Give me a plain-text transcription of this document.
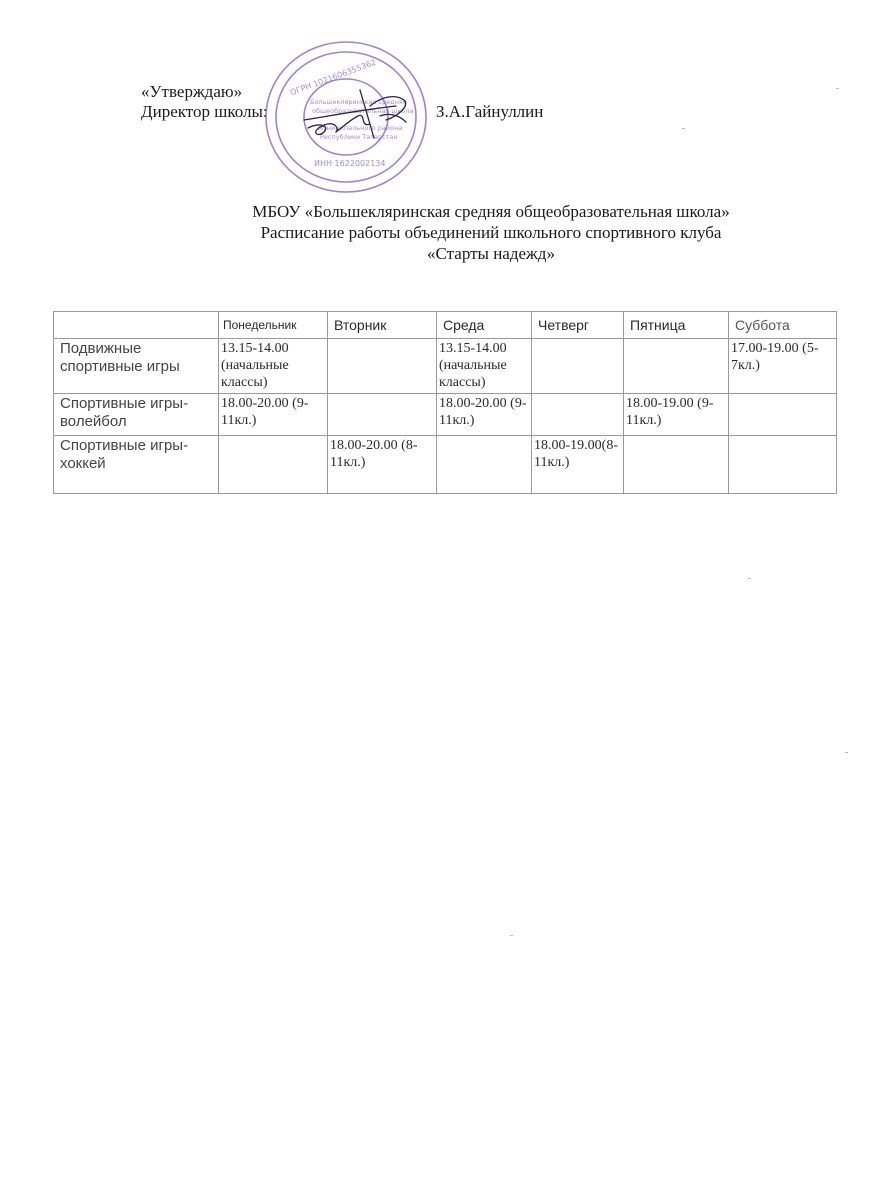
«Утверждаю»
Директор школы:	З.А.Гайнуллин
ОГРН 1021606355362
Большекляринская средняя
общеобразовательная школа
муниципального района
Республики Татарстан
ИНН 1622002134
МБОУ «Большекляринская средняя общеобразовательная школа»
Расписание работы объединений школьного спортивного клуба
«Старты надежд»
	Понедельник	Вторник	Среда	Четверг	Пятница	Суббота
Подвижные спортивные игры	13.15-14.00 (начальные классы)		13.15-14.00 (начальные классы)			17.00-19.00 (5-7кл.)
Спортивные игры-волейбол	18.00-20.00 (9-11кл.)		18.00-20.00 (9-11кл.)		18.00-19.00 (9-11кл.)	
Спортивные игры-хоккей		18.00-20.00 (8-11кл.)		18.00-19.00(8-11кл.)		
